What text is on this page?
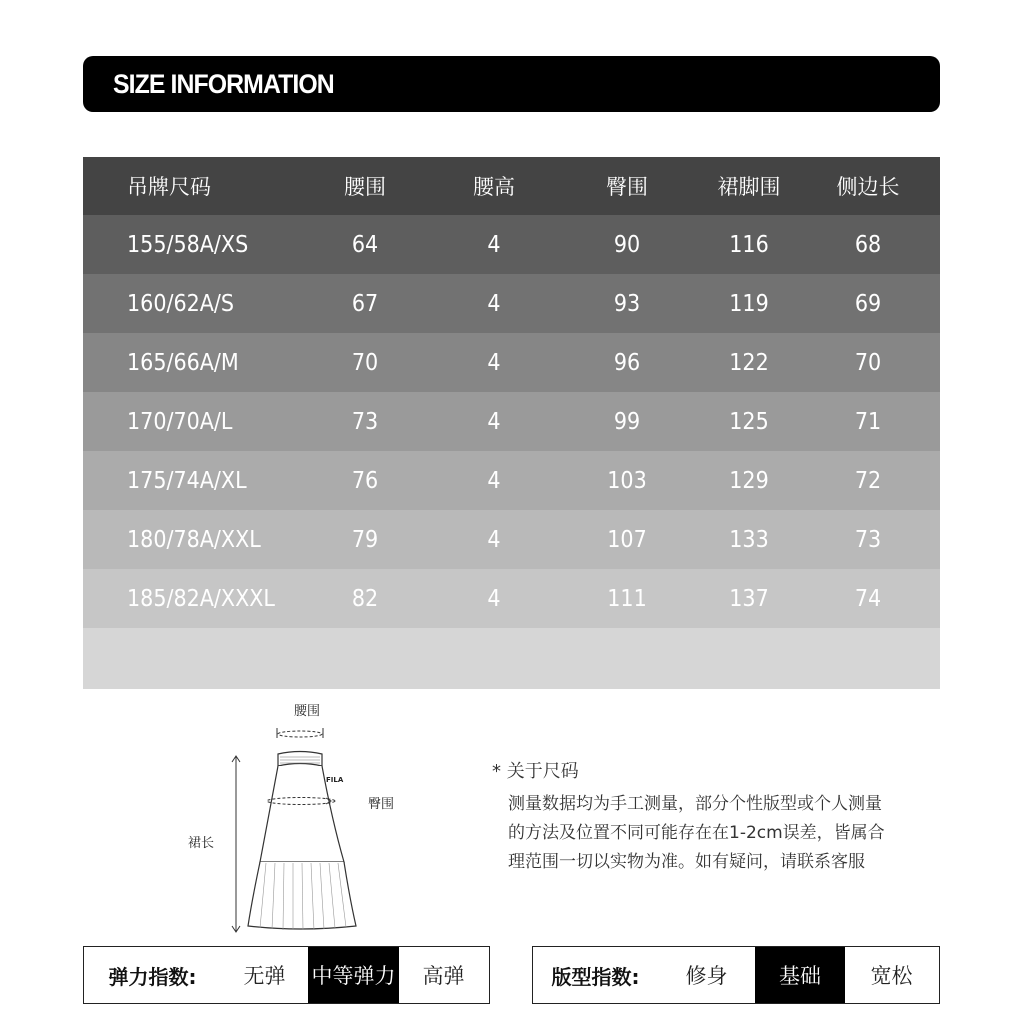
SIZE INFORMATION
吊牌尺码	腰围	腰高	臀围	裙脚围	侧边长
155/58A/XS	64	4	90	116	68
160/62A/S	67	4	93	119	69
165/66A/M	70	4	96	122	70
170/70A/L	73	4	99	125	71
175/74A/XL	76	4	103	129	72
180/78A/XXL	79	4	107	133	73
185/82A/XXXL	82	4	111	137	74
腰围
臀围
裙长
FILA	* 关于尺码
测量数据均为手工测量，部分个性版型或个人测量
的方法及位置不同可能存在在1-2cm误差，皆属合
理范围一切以实物为准。如有疑问，请联系客服
弹力指数:	无弹	中等弹力	高弹	版型指数:	修身	基础	宽松
